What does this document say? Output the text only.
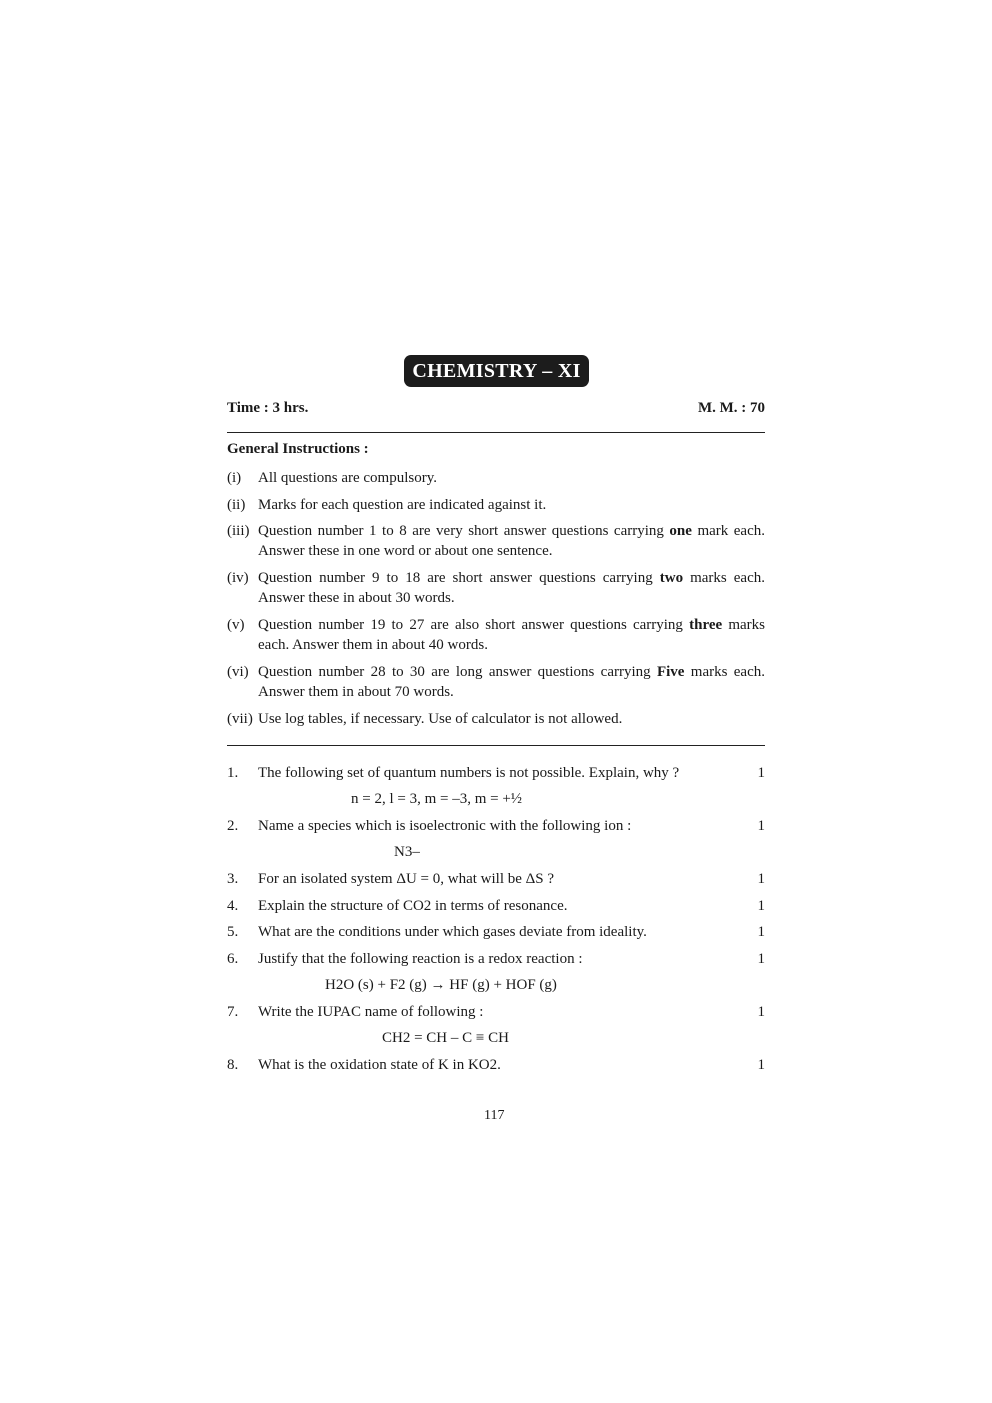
CHEMISTRY – XI
Time : 3 hrs.	M. M. : 70
General Instructions :
(i) All questions are compulsory.
(ii) Marks for each question are indicated against it.
(iii) Question number 1 to 8 are very short answer questions carrying one mark each. Answer these in one word or about one sentence.
(iv) Question number 9 to 18 are short answer questions carrying two marks each. Answer these in about 30 words.
(v) Question number 19 to 27 are also short answer questions carrying three marks each. Answer them in about 40 words.
(vi) Question number 28 to 30 are long answer questions carrying Five marks each. Answer them in about 70 words.
(vii) Use log tables, if necessary. Use of calculator is not allowed.
1. The following set of quantum numbers is not possible. Explain, why ?	1
n = 2, l = 3, m = –3, m = +½
2. Name a species which is isoelectronic with the following ion :	1
N3–
3. For an isolated system ΔU = 0, what will be ΔS ?	1
4. Explain the structure of CO2 in terms of resonance.	1
5. What are the conditions under which gases deviate from ideality.	1
6. Justify that the following reaction is a redox reaction :	1
H2O (s) + F2 (g) → HF (g) + HOF (g)
7. Write the IUPAC name of following :	1
CH2 = CH – C ≡ CH
8. What is the oxidation state of K in KO2.	1
117
